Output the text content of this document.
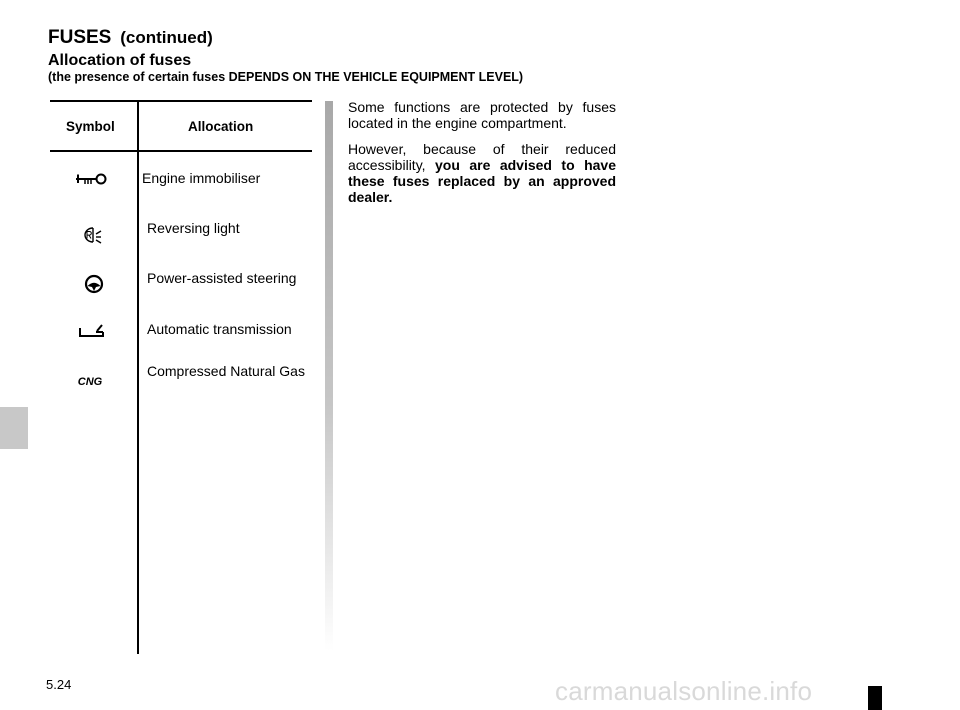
FUSES (continued)
Allocation of fuses
(the presence of certain fuses DEPENDS ON THE VEHICLE EQUIPMENT LEVEL)
Symbol	Allocation
Engine immobiliser
Reversing light
Power-assisted steering
Automatic transmission
CNG
Compressed Natural Gas
Some functions are protected by fuses located in the engine compartment.
However, because of their reduced accessibility, you are advised to have these fuses replaced by an approved dealer.
5.24	carmanualsonline.info
